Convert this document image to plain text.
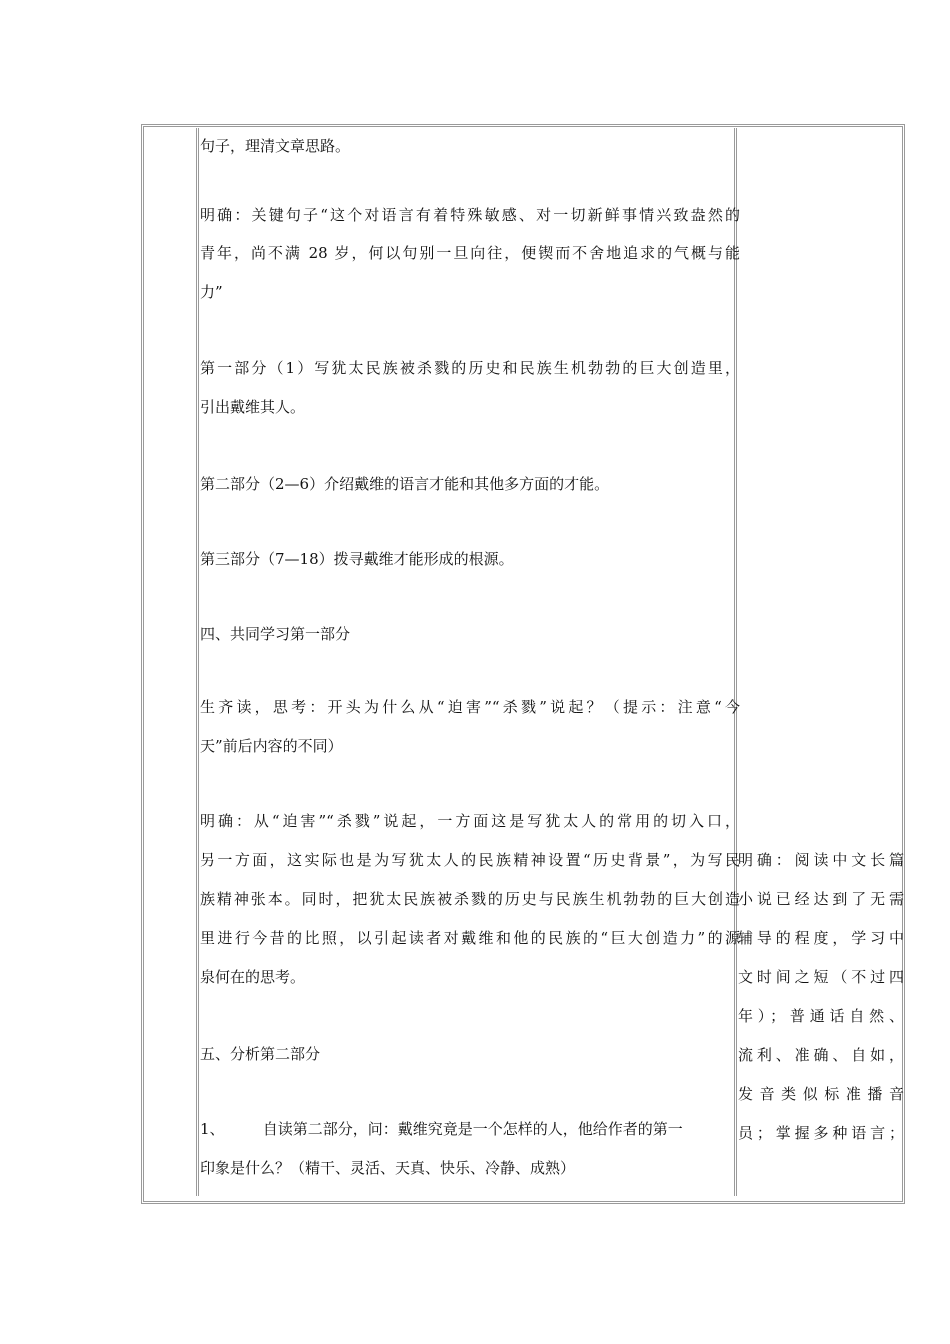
句子，理清文章思路。
明确：关键句子“这个对语言有着特殊敏感、对一切新鲜事情兴致盎然的
青年，尚不满 28 岁，何以句别一旦向往，便锲而不舍地追求的气概与能
力”
第一部分（1）写犹太民族被杀戮的历史和民族生机勃勃的巨大创造里，
引出戴维其人。
第二部分（2—6）介绍戴维的语言才能和其他多方面的才能。
第三部分（7—18）拨寻戴维才能形成的根源。
四、共同学习第一部分
生齐读，思考：开头为什么从“迫害”“杀戮”说起？（提示：注意“今
天”前后内容的不同）
明确：从“迫害”“杀戮”说起，一方面这是写犹太人的常用的切入口，
另一方面，这实际也是为写犹太人的民族精神设置“历史背景”，为写民
族精神张本。同时，把犹太民族被杀戮的历史与民族生机勃勃的巨大创造
里进行今昔的比照，以引起读者对戴维和他的民族的“巨大创造力”的源
泉何在的思考。
五、分析第二部分
1、        自读第二部分，问：戴维究竟是一个怎样的人，他给作者的第一
印象是什么？（精干、灵活、天真、快乐、冷静、成熟）
明确：阅读中文长篇
小说已经达到了无需
辅导的程度，学习中
文时间之短（不过四
年）；普通话自然、
流利、准确、自如，
发音类似标准播音
员；掌握多种语言；
